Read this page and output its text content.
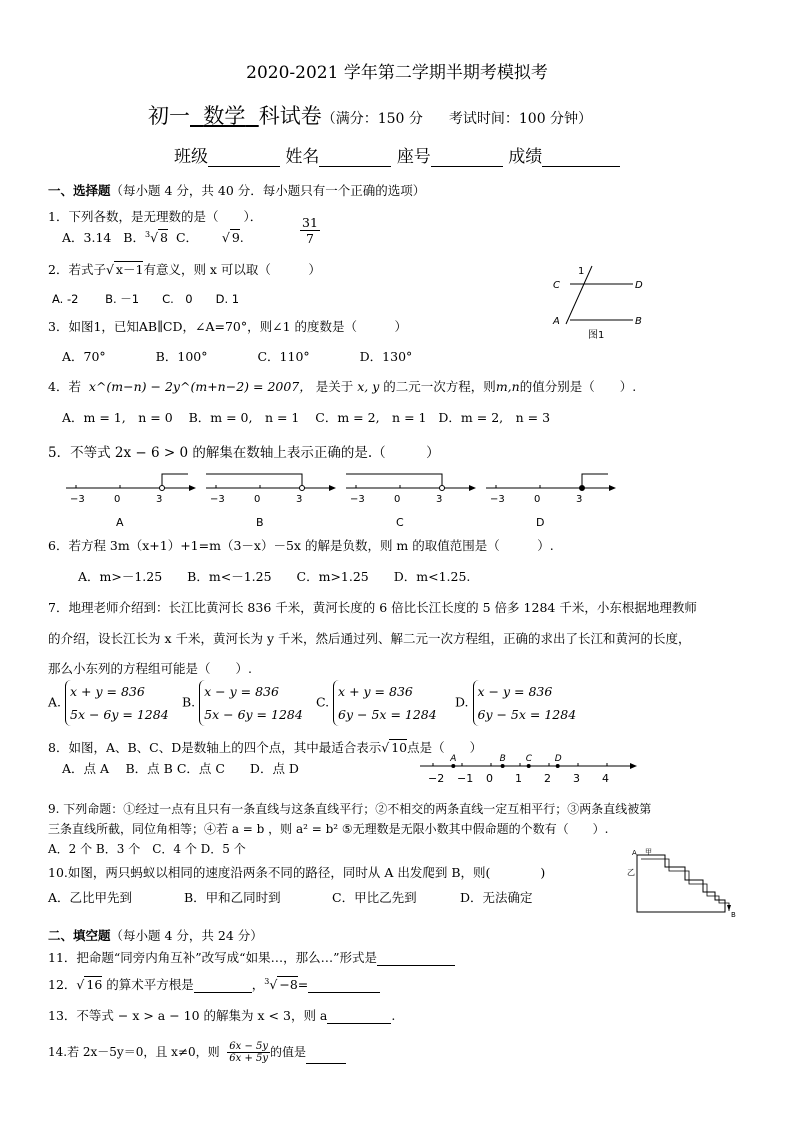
2020-2021 学年第二学期半期考模拟考
初一 数学 科试卷（满分：150 分 考试时间：100 分钟）
班级	姓名	座号	成绩
一、选择题（每小题 4 分，共 40 分．每小题只有一个正确的选项）
1．下列各数，是无理数的是（　　）．
A．3.14 B．$^3$√ 8 C．      √ 9.	$\frac{31}{7}$
2．若式子√ x－1有意义，则 x 可以取（　　　）
A. -2　　 B. －1　　C.　0　　D. 1
1
C	D
A	B
图1
3．如图1，已知AB∥CD，∠A=70°，则∠1 的度数是（　　　）
A．70°　　　　B．100°　　　　C．110°　　　　D．130°
4．若 x^(m−n) − 2y^(m+n−2) = 2007， 是关于 x, y 的二元一次方程，则m,n的值分别是（　　）.
A．m = 1,　n = 0 B．m = 0,　n = 1 C．m = 2,　n = 1 D．m = 2,　n = 3
5．不等式 2x − 6 > 0 的解集在数轴上表示正确的是.（　　　）
−3	0	3
A
−3	0	3
B
−3	0	3
C
−3	0	3
D
6．若方程 3m（x+1）+1=m（3－x）－5x 的解是负数，则 m 的取值范围是（　　　）.
A．m>－1.25　　B．m<－1.25　　C．m>1.25　　D．m<1.25.
7．地理老师介绍到：长江比黄河长 836 千米，黄河长度的 6 倍比长江长度的 5 倍多 1284 千米，小东根据地理教师
的介绍，设长江长为 x 千米，黄河长为 y 千米，然后通过列、解二元一次方程组，正确的求出了长江和黄河的长度，
那么小东列的方程组可能是（　　）.
A. x + y = 836
5x − 6y = 1284 B. x − y = 836
5x − 6y = 1284 C. x + y = 836
6y − 5x = 1284 D. x − y = 836
6y − 5x = 1284
8．如图，A、B、C、D是数轴上的四个点，其中最适合表示√ 10点是（　　）
A．点 A　 B．点 B C．点 C　　D．点 D
−2 −1 0 1 2 3 4
A	B C	D
9. 下列命题：①经过一点有且只有一条直线与这条直线平行；②不相交的两条直线一定互相平行；③两条直线被第
三条直线所截，同位角相等；④若 a = b ，则 a² = b² ⑤无理数是无限小数其中假命题的个数有（　　）.
A．2 个 B．3 个　C．4 个 D．5 个
10.如图，两只蚂蚁以相同的速度沿两条不同的路径，同时从 A 出发爬到 B，则(　　　　)
A．乙比甲先到	B．甲和乙同时到	C．甲比乙先到	D．无法确定
A 甲
乙
B
二、填空题（每小题 4 分，共 24 分）
11．把命题“同旁内角互补”改写成“如果…，那么…”形式是
12．√ 16 的算术平方根是	，$^3$√ −8=
13．不等式 − x > a − 10 的解集为 x < 3，则 a	.
14.若 2x－5y＝0，且 x≠0，则 $\frac{6x - 5y}{6x + 5y}$ 的值是
